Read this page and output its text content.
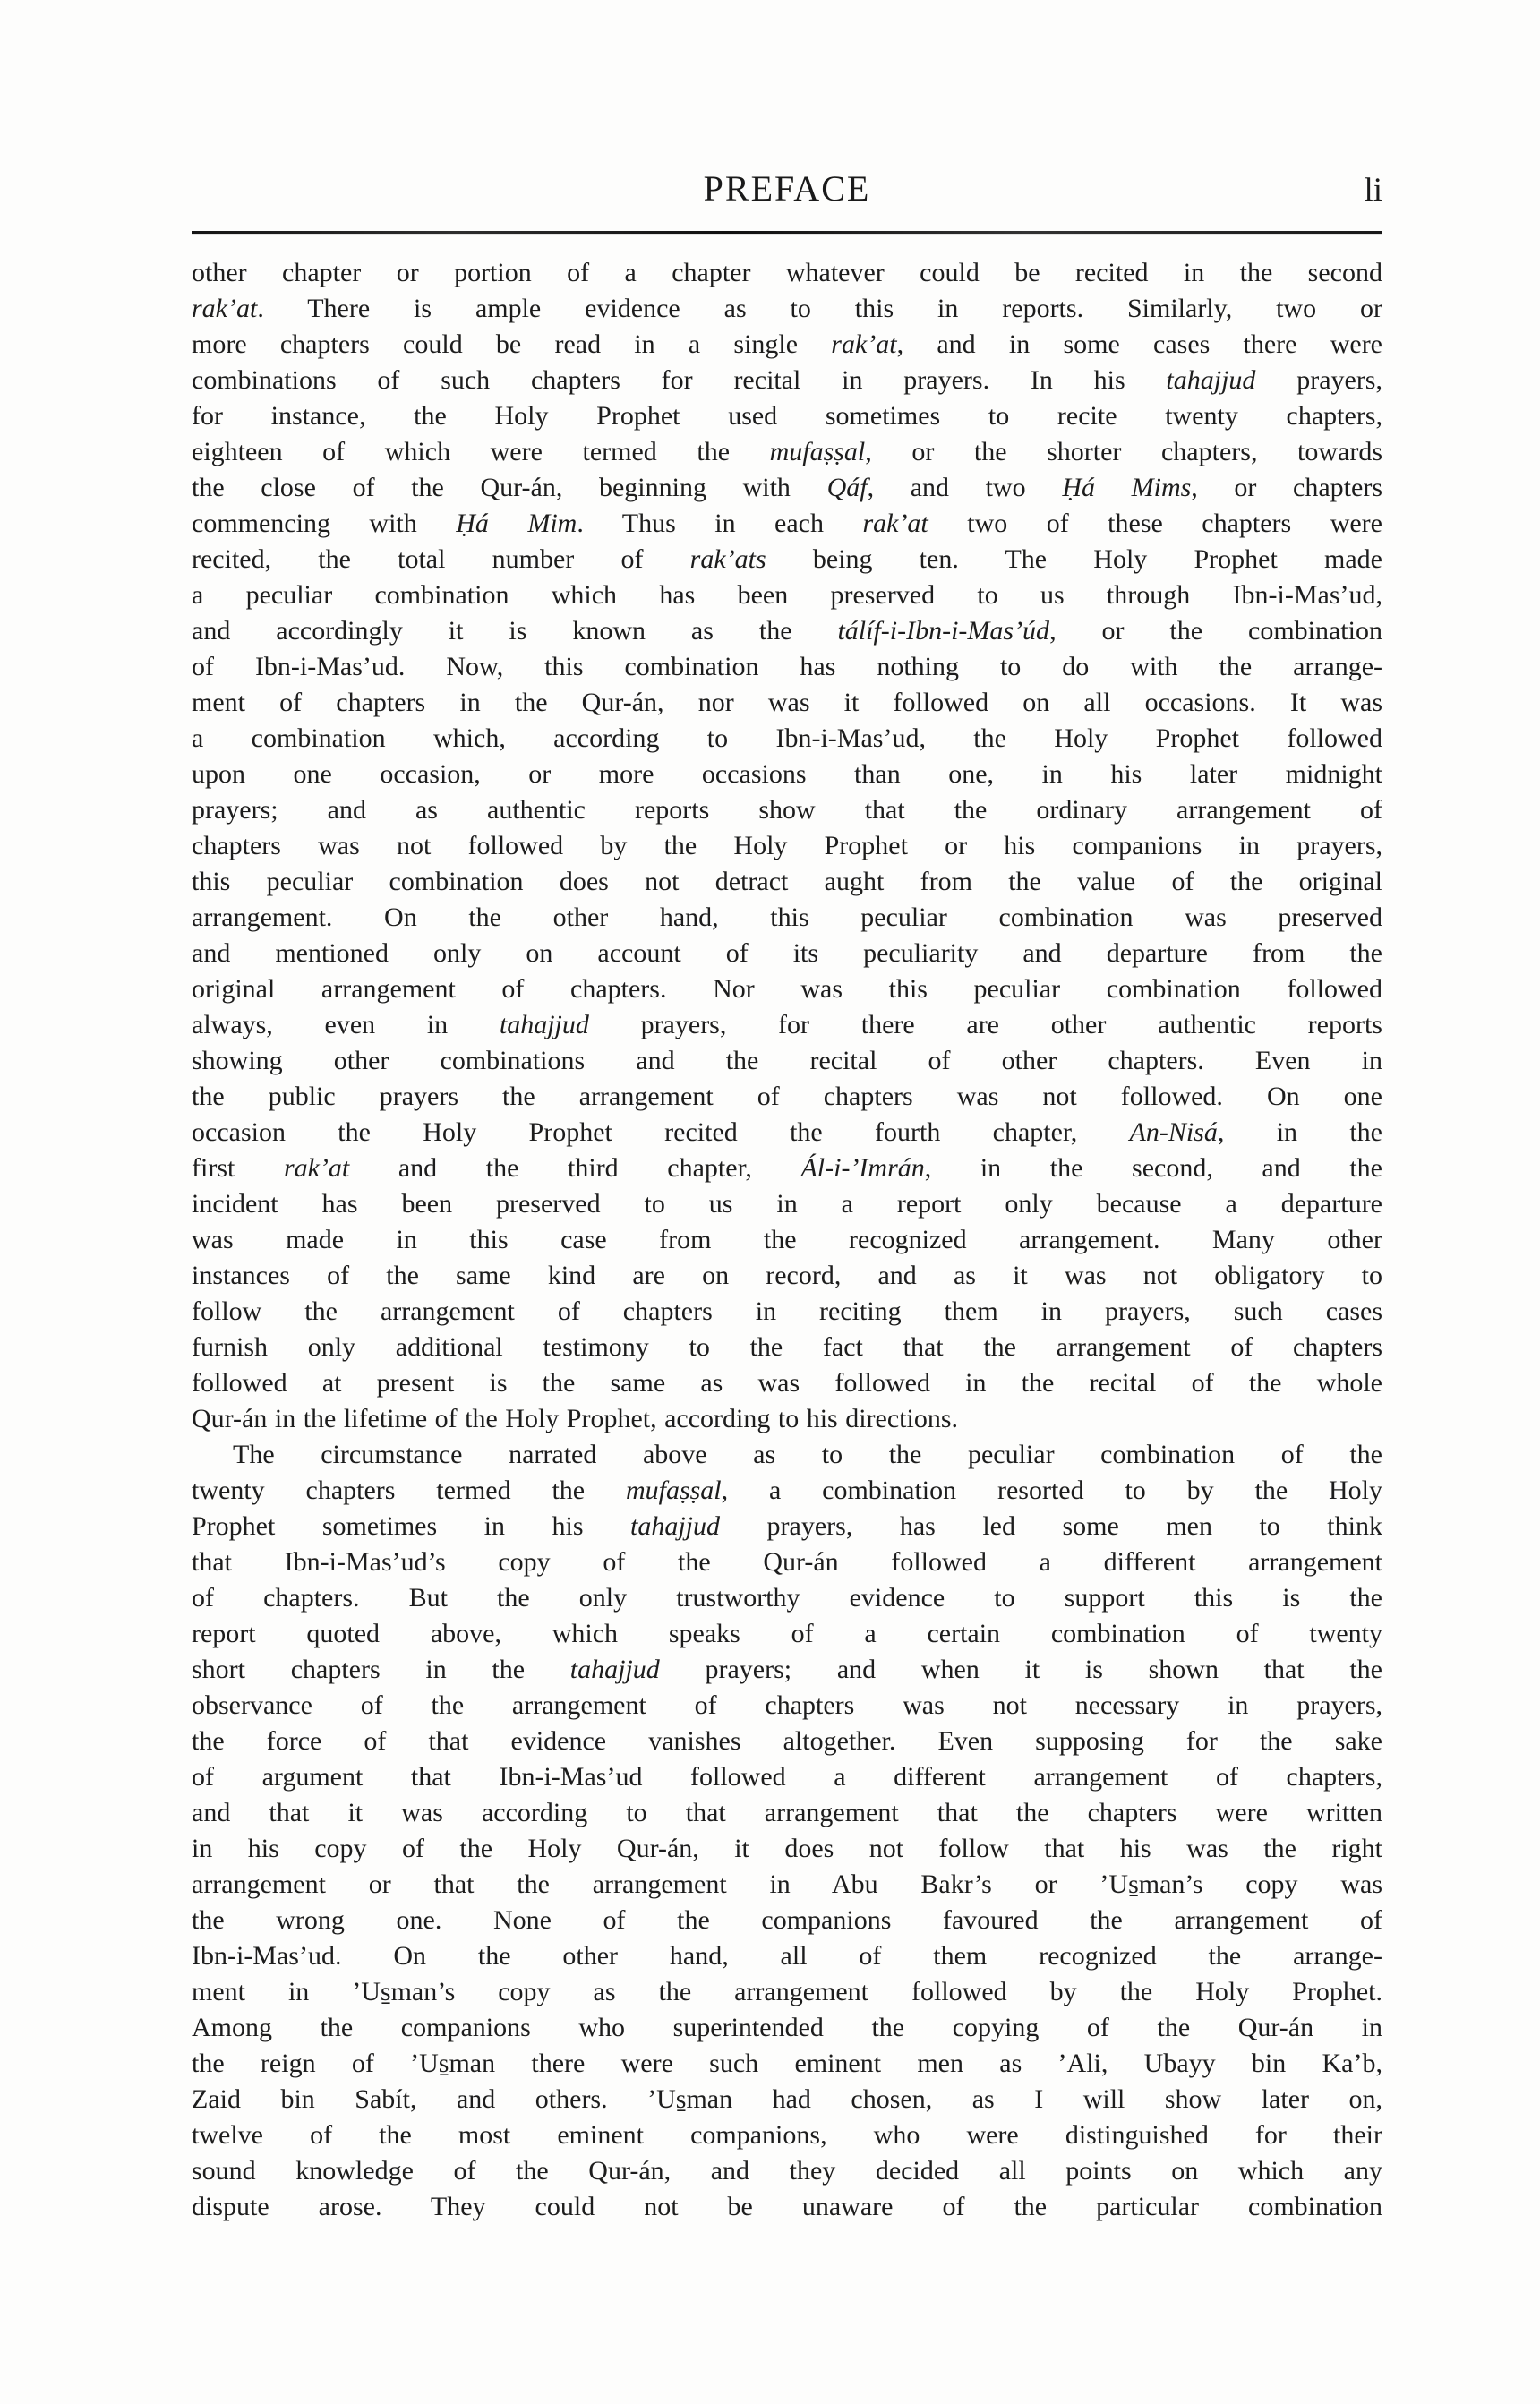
PREFACE	li
other chapter or portion of a chapter whatever could be recited in the second
rak’at. There is ample evidence as to this in reports. Similarly, two or
more chapters could be read in a single rak’at, and in some cases there were
combinations of such chapters for recital in prayers. In his tahajjud prayers,
for instance, the Holy Prophet used sometimes to recite twenty chapters,
eighteen of which were termed the mufaṣṣal, or the shorter chapters, towards
the close of the Qur-án, beginning with Qáf, and two Ḥá Mims, or chapters
commencing with Ḥá Mim. Thus in each rak’at two of these chapters were
recited, the total number of rak’ats being ten. The Holy Prophet made
a peculiar combination which has been preserved to us through Ibn-i-Mas’ud,
and accordingly it is known as the tálíf-i-Ibn-i-Mas’úd, or the combination
of Ibn-i-Mas’ud. Now, this combination has nothing to do with the arrange-
ment of chapters in the Qur-án, nor was it followed on all occasions. It was
a combination which, according to Ibn-i-Mas’ud, the Holy Prophet followed
upon one occasion, or more occasions than one, in his later midnight
prayers; and as authentic reports show that the ordinary arrangement of
chapters was not followed by the Holy Prophet or his companions in prayers,
this peculiar combination does not detract aught from the value of the original
arrangement. On the other hand, this peculiar combination was preserved
and mentioned only on account of its peculiarity and departure from the
original arrangement of chapters. Nor was this peculiar combination followed
always, even in tahajjud prayers, for there are other authentic reports
showing other combinations and the recital of other chapters. Even in
the public prayers the arrangement of chapters was not followed. On one
occasion the Holy Prophet recited the fourth chapter, An-Nisá, in the
first rak’at and the third chapter, Ál-i-’Imrán, in the second, and the
incident has been preserved to us in a report only because a departure
was made in this case from the recognized arrangement. Many other
instances of the same kind are on record, and as it was not obligatory to
follow the arrangement of chapters in reciting them in prayers, such cases
furnish only additional testimony to the fact that the arrangement of chapters
followed at present is the same as was followed in the recital of the whole
Qur-án in the lifetime of the Holy Prophet, according to his directions.
The circumstance narrated above as to the peculiar combination of the
twenty chapters termed the mufaṣṣal, a combination resorted to by the Holy
Prophet sometimes in his tahajjud prayers, has led some men to think
that Ibn-i-Mas’ud’s copy of the Qur-án followed a different arrangement
of chapters. But the only trustworthy evidence to support this is the
report quoted above, which speaks of a certain combination of twenty
short chapters in the tahajjud prayers; and when it is shown that the
observance of the arrangement of chapters was not necessary in prayers,
the force of that evidence vanishes altogether. Even supposing for the sake
of argument that Ibn-i-Mas’ud followed a different arrangement of chapters,
and that it was according to that arrangement that the chapters were written
in his copy of the Holy Qur-án, it does not follow that his was the right
arrangement or that the arrangement in Abu Bakr’s or ’Us̱man’s copy was
the wrong one. None of the companions favoured the arrangement of
Ibn-i-Mas’ud. On the other hand, all of them recognized the arrange-
ment in ’Us̱man’s copy as the arrangement followed by the Holy Prophet.
Among the companions who superintended the copying of the Qur-án in
the reign of ’Us̱man there were such eminent men as ’Ali, Ubayy bin Ka’b,
Zaid bin Sabít, and others. ’Us̱man had chosen, as I will show later on,
twelve of the most eminent companions, who were distinguished for their
sound knowledge of the Qur-án, and they decided all points on which any
dispute arose. They could not be unaware of the particular combination
